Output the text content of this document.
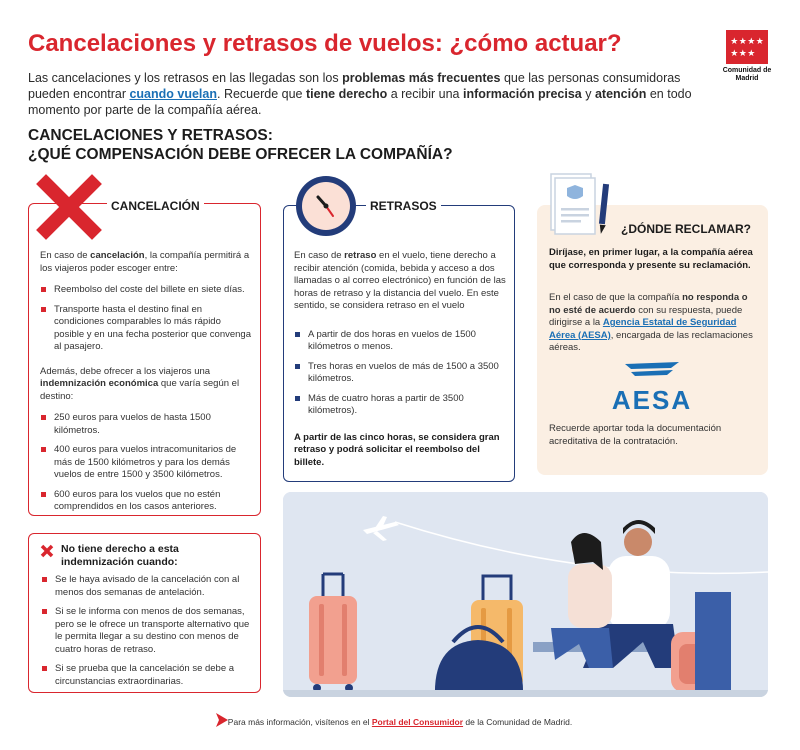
Cancelaciones y retrasos de vuelos: ¿cómo actuar?	★ ★ ★ ★
★ ★ ★
Comunidad de Madrid
Las cancelaciones y los retrasos en las llegadas son los problemas más frecuentes que las personas consumidoras pueden encontrar cuando vuelan. Recuerde que tiene derecho a recibir una información precisa y atención en todo momento por parte de la compañía aérea.
CANCELACIONES Y RETRASOS:
¿QUÉ COMPENSACIÓN DEBE OFRECER LA COMPAÑÍA?
CANCELACIÓN
En caso de cancelación, la compañía permitirá a los viajeros poder escoger entre:
Reembolso del coste del billete en siete días.
Transporte hasta el destino final en condiciones comparables lo más rápido posible y en una fecha posterior que convenga al pasajero.
Además, debe ofrecer a los viajeros una indemnización económica que varía según el destino:
250 euros para vuelos de hasta 1500 kilómetros.
400 euros para vuelos intracomunitarios de más de 1500 kilómetros y para los demás vuelos de entre 1500 y 3500 kilómetros.
600 euros para los vuelos que no estén comprendidos en los casos anteriores.
No tiene derecho a esta indemnización cuando:
Se le haya avisado de la cancelación con al menos dos semanas de antelación.
Si se le informa con menos de dos semanas, pero se le ofrece un transporte alternativo que le permita llegar a su destino con menos de cuatro horas de retraso.
Si se prueba que la cancelación se debe a circunstancias extraordinarias.
RETRASOS
En caso de retraso en el vuelo, tiene derecho a recibir atención (comida, bebida y acceso a dos llamadas o al correo electrónico) en función de las horas de retraso y la distancia del vuelo. En este sentido, se considera retraso en el vuelo
A partir de dos horas en vuelos de 1500 kilómetros o menos.
Tres horas en vuelos de más de 1500 a 3500 kilómetros.
Más de cuatro horas a partir de 3500 kilómetros).
A partir de las cinco horas, se considera gran retraso y podrá solicitar el reembolso del billete.
¿DÓNDE RECLAMAR?
Diríjase, en primer lugar, a la compañía aérea que corresponda y presente su reclamación.
En el caso de que la compañía no responda o no esté de acuerdo con su respuesta, puede dirigirse a la Agencia Estatal de Seguridad Aérea (AESA), encargada de las reclamaciones aéreas.
AESA
Recuerde aportar toda la documentación acreditativa de la contratación.
Para más información, visítenos en el Portal del Consumidor de la Comunidad de Madrid.
